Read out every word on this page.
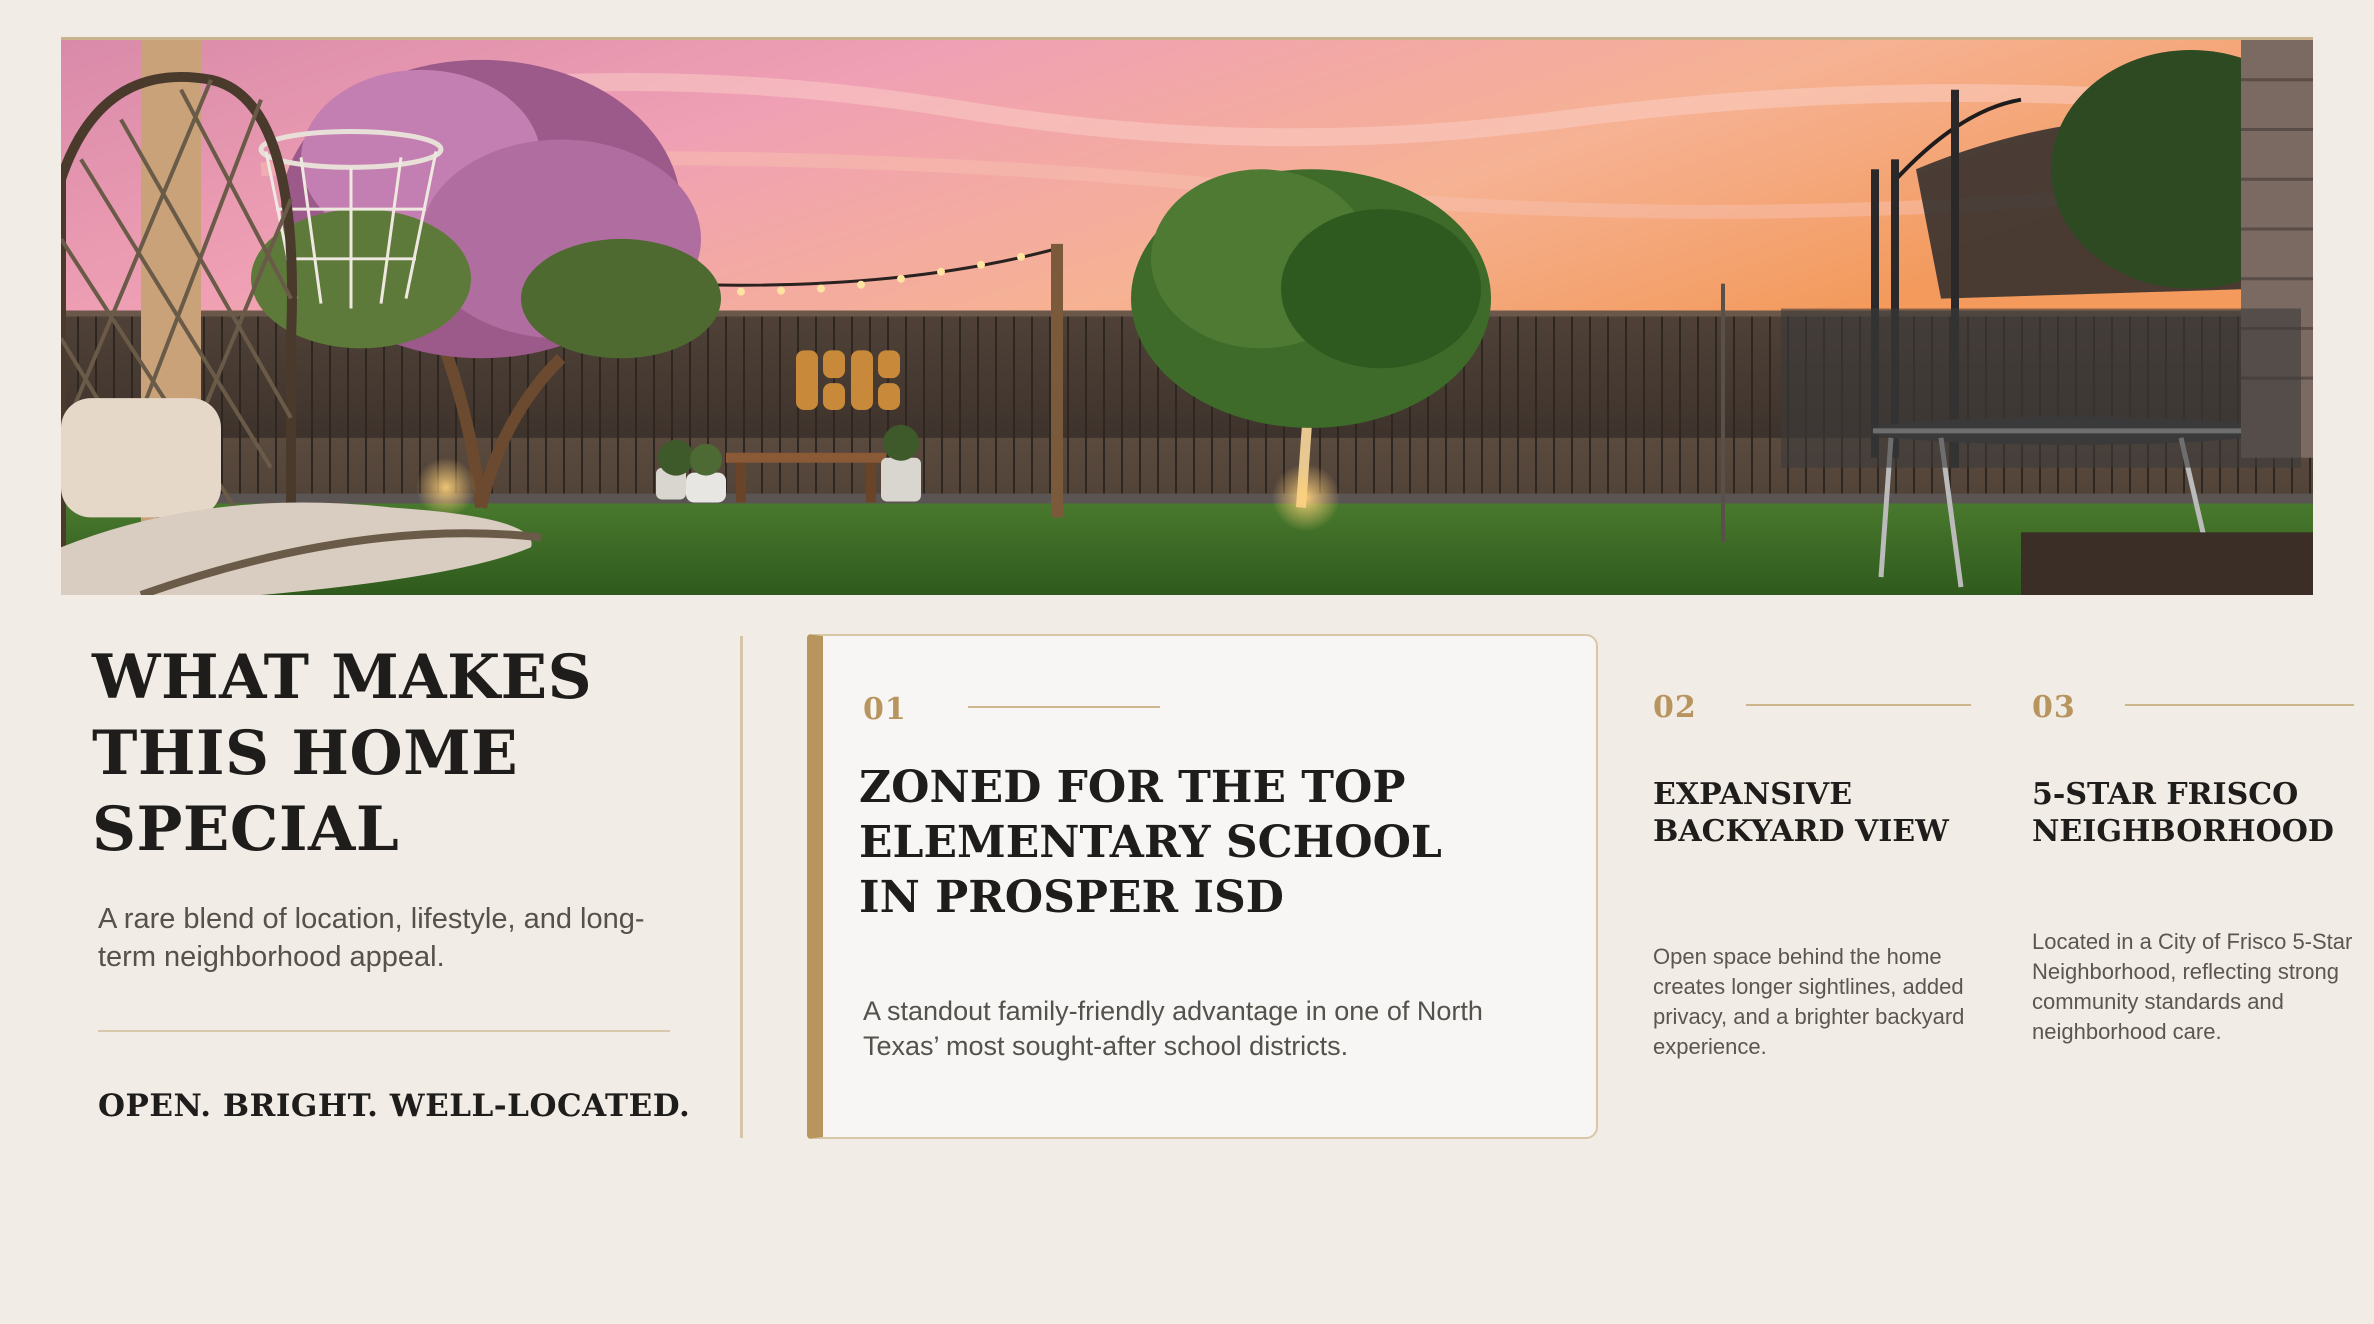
WHAT MAKES
THIS HOME
SPECIAL
A rare blend of location, lifestyle, and long-term neighborhood appeal.
OPEN. BRIGHT. WELL-LOCATED.
01
ZONED FOR THE TOP
ELEMENTARY SCHOOL
IN PROSPER ISD
A standout family-friendly advantage in one of North Texas’ most sought-after school districts.
02
EXPANSIVE
BACKYARD VIEW
Open space behind the home creates longer sightlines, added privacy, and a brighter backyard experience.
03
5-STAR FRISCO
NEIGHBORHOOD
Located in a City of Frisco 5-Star Neighborhood, reflecting strong community standards and neighborhood care.
